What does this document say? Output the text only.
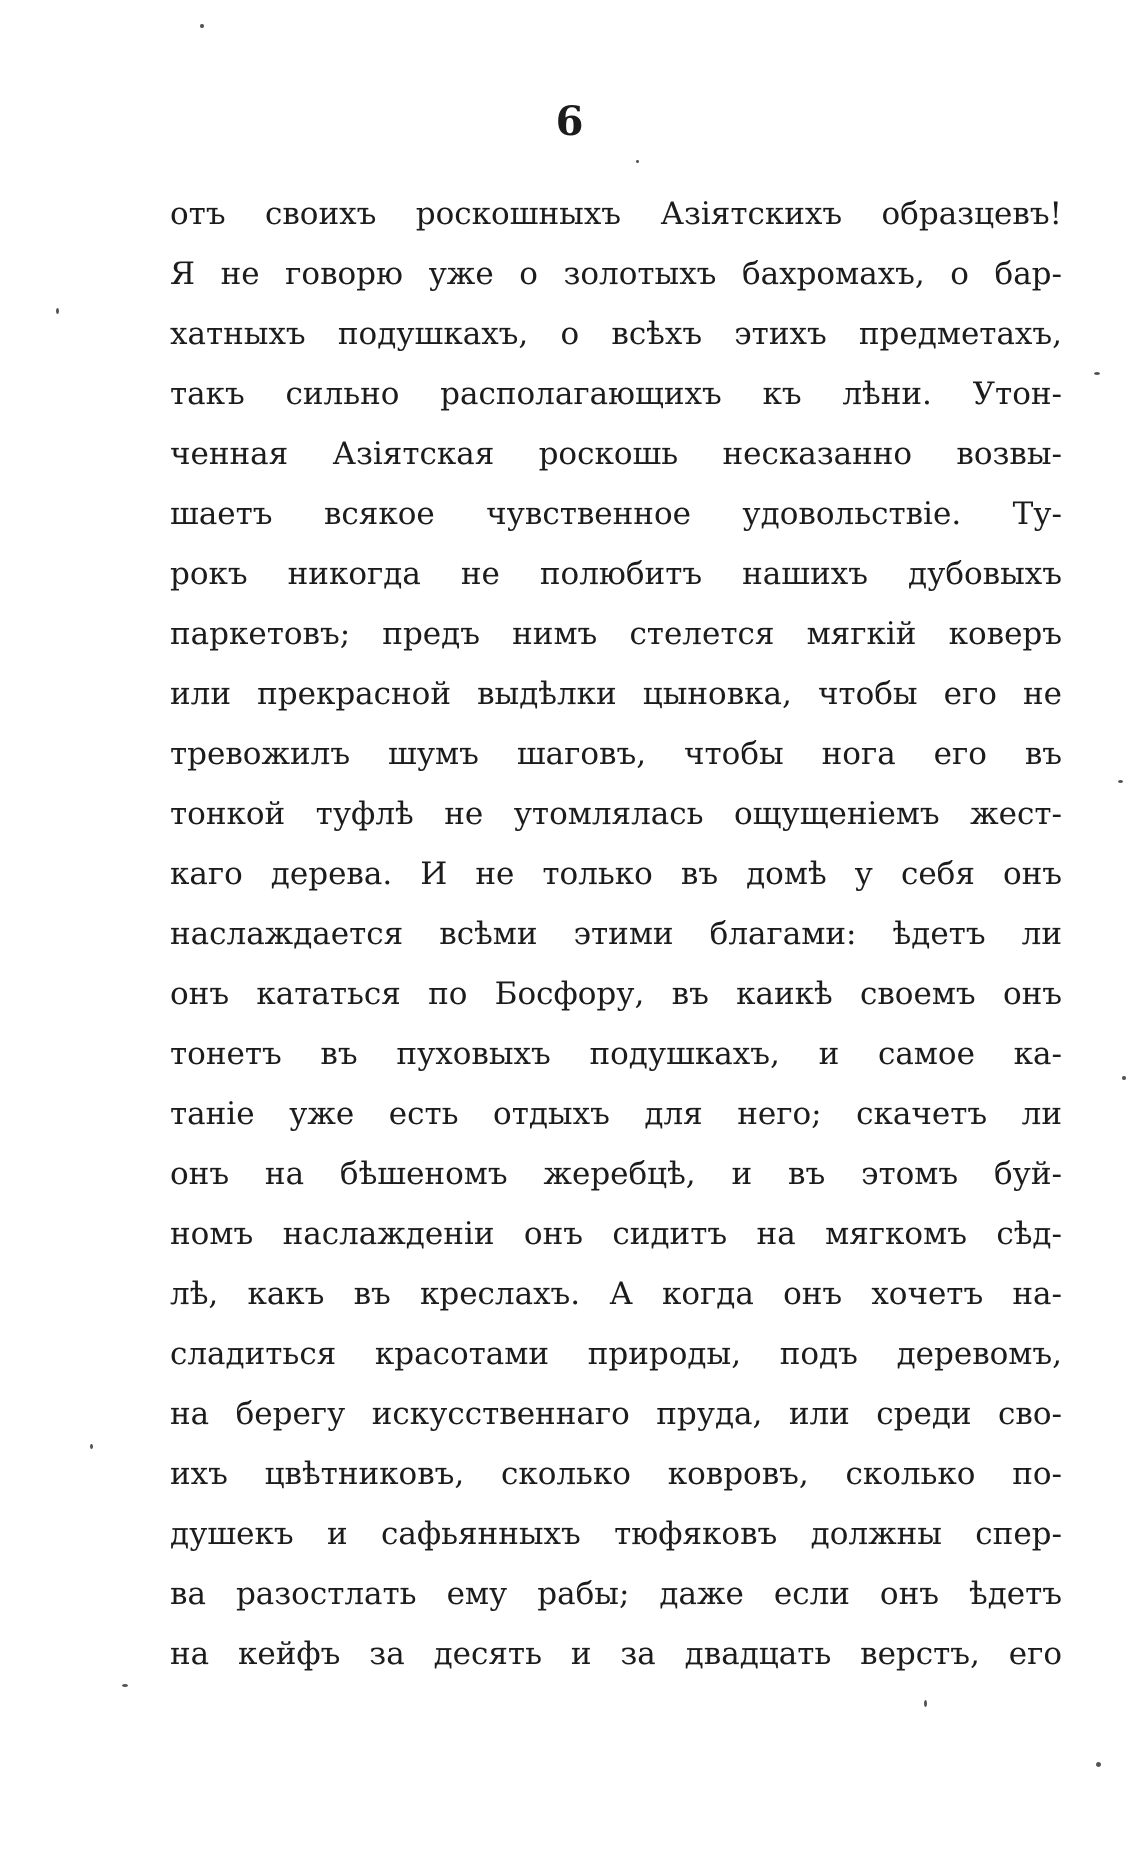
6
отъ своихъ роскошныхъ Азіятскихъ образцевъ!
Я не говорю уже о золотыхъ бахромахъ, о бар-
хатныхъ подушкахъ, о всѣхъ этихъ предметахъ,
такъ сильно располагающихъ къ лѣни. Утон-
ченная Азіятская роскошь несказанно возвы-
шаетъ всякое чувственное удовольствіе. Ту-
рокъ никогда не полюбитъ нашихъ дубовыхъ
паркетовъ; предъ нимъ стелется мягкій коверъ
или прекрасной выдѣлки цыновка, чтобы его не
тревожилъ шумъ шаговъ, чтобы нога его въ
тонкой туфлѣ не утомлялась ощущеніемъ жест-
каго дерева. И не только въ домѣ у себя онъ
наслаждается всѣми этими благами: ѣдетъ ли
онъ кататься по Босфору, въ каикѣ своемъ онъ
тонетъ въ пуховыхъ подушкахъ, и самое ка-
таніе уже есть отдыхъ для него; скачетъ ли
онъ на бѣшеномъ жеребцѣ, и въ этомъ буй-
номъ наслажденіи онъ сидитъ на мягкомъ сѣд-
лѣ, какъ въ креслахъ. А когда онъ хочетъ на-
сладиться красотами природы, подъ деревомъ,
на берегу искусственнаго пруда, или среди сво-
ихъ цвѣтниковъ, сколько ковровъ, сколько по-
душекъ и сафьянныхъ тюфяковъ должны спер-
ва разостлать ему рабы; даже если онъ ѣдетъ
на кейфъ за десять и за двадцать верстъ, его
